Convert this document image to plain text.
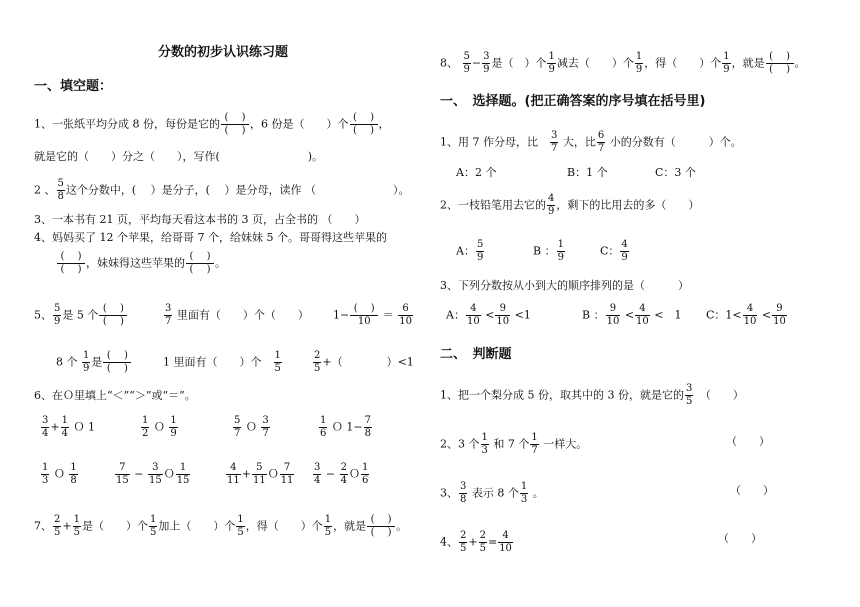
分数的初步认识练习题
一、填空题：
1、一张纸平均分成 8 份，每份是它的 $\frac{( )}{( )}$ ，6 份是（　　）个 $\frac{( )}{( )}$ ，
就是它的（　　）分之（　　），写作(　　　　　　　　)。
2 、 $\frac{5}{8}$ 这个分数中，(　 ）是分子，(　 ）是分母，读作 （　　　　　　　）。
3、一本书有 21 页，平均每天看这本书的 3 页，占全书的 （　　）
4、妈妈买了 12 个苹果，给哥哥 7 个，给妹妹 5 个。哥哥得这些苹果的
$\frac{( )}{( )}$ ，妹妹得这些苹果的 $\frac{( )}{( )}$ 。
5、 $\frac{5}{9}$ 是 5 个 $\frac{( )}{( )}$	$\frac{3}{7}$ 里面有（　　）个（　　） $1- \frac{( )}{10} = \frac{6}{10}$
8 个 $\frac{1}{9}$ 是 $\frac{( )}{( )}$	1 里面有（　　）个　 $\frac{1}{5}$	$\frac{2}{5}$ +（　　　　）<1
6、在Ｏ里填上“＜”“＞”或“＝”。
$\frac{3}{4} + \frac{1}{4}$ Ｏ 1	$\frac{1}{2}$ Ｏ $\frac{1}{9}$	$\frac{5}{7}$ Ｏ $\frac{3}{7}$	$\frac{1}{6}$ Ｏ $1- \frac{7}{8}$
$\frac{1}{3}$ Ｏ $\frac{1}{8}$	$\frac{7}{15} - \frac{3}{15}$ Ｏ $\frac{1}{15}$	$\frac{4}{11} + \frac{5}{11}$ Ｏ $\frac{7}{11} \frac{3}{4} - \frac{2}{4}$ Ｏ $\frac{1}{6}$
7、 $\frac{2}{5} + \frac{1}{5}$ 是（　　）个 $\frac{1}{5}$ 加上（　　）个 $\frac{1}{5}$ ，得（　　）个 $\frac{1}{5}$ ，就是 $\frac{( )}{( )}$ 。
8、 $\frac{5}{9} - \frac{3}{9}$ 是（　）个 $\frac{1}{9}$ 减去（　　）个 $\frac{1}{9}$ ，得（　　）个 $\frac{1}{9}$ ，就是 $\frac{( )}{( )}$ 。
一、　选择题。(把正确答案的序号填在括号里)
1、用 7 作分母，比　 $\frac{3}{7}$ 大，比 $\frac{6}{7}$ 小的分数有（　　　）个。
A：2 个	B：1 个	C：3 个
2、一枝铅笔用去它的 $\frac{4}{9}$ ，剩下的比用去的多（　　）
A： $\frac{5}{9}$	B ： $\frac{1}{9}$	C： $\frac{4}{9}$
3、下列分数按从小到大的顺序排列的是（　　　）
A： $\frac{4}{10} < \frac{9}{10} <1$	B ： $\frac{9}{10} < \frac{4}{10}$ <　1 C：$1< \frac{4}{10} < \frac{9}{10}$
二、　判断题
1、把一个梨分成 5 份，取其中的 3 份，就是它的 $\frac{3}{5}$
　 （　　）
2、3 个 $\frac{1}{3}$ 和 7 个 $\frac{1}{7}$ 一样大。	（　　）
3、 $\frac{3}{8}$ 表示 8 个 $\frac{1}{3}$ 。	（　　）
4、 $\frac{2}{5} + \frac{2}{5} = \frac{4}{10}$	（　　）
